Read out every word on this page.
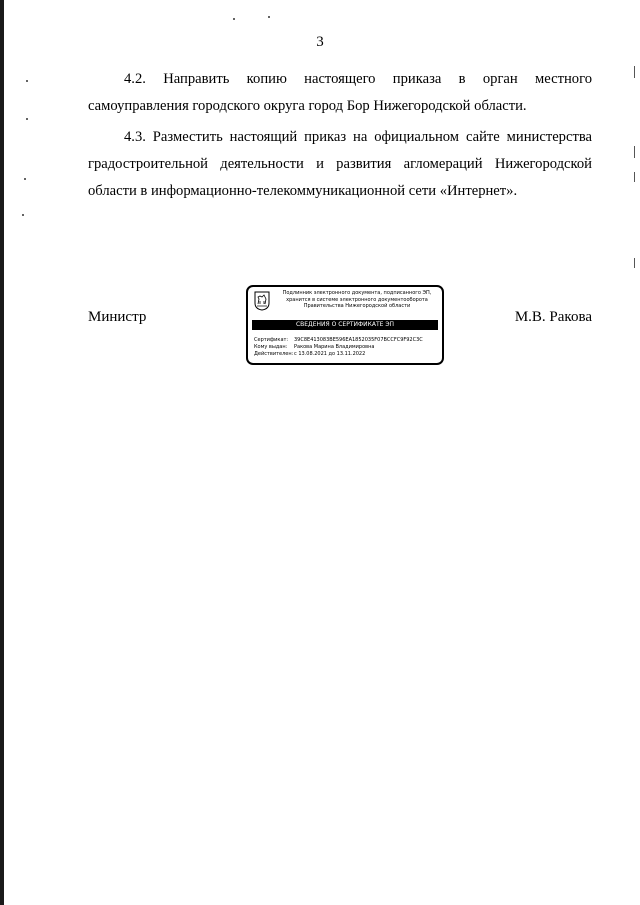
3
4.2. Направить копию настоящего приказа в орган местного самоуправления городского округа город Бор Нижегородской области.
4.3. Разместить настоящий приказ на официальном сайте министерства градостроительной деятельности и развития агломераций Нижегородской области в информационно-телекоммуникационной сети «Интернет».
Министр	М.В. Ракова
Подлинник электронного документа, подписанного ЭП,
хранится в системе электронного документооборота
Правительства Нижегородской области
СВЕДЕНИЯ О СЕРТИФИКАТЕ ЭП
Сертификат: 39C8E413083BE596EA1852035F07BCCFC9F92C3C
Кому выдан: Ракова Марина Владимировна
Действителен:с 13.08.2021 до 13.11.2022
